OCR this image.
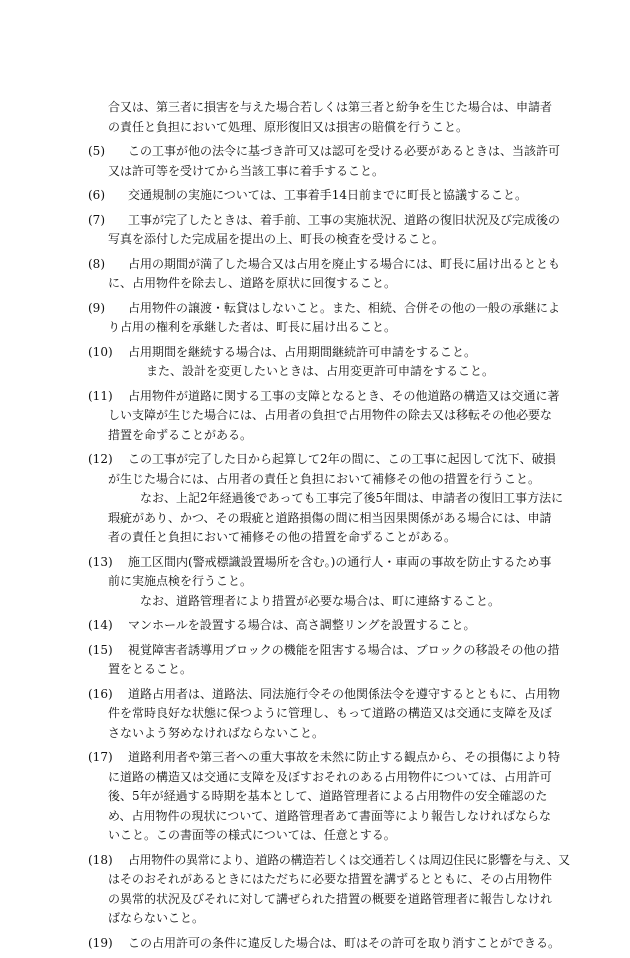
合又は、第三者に損害を与えた場合若しくは第三者と紛争を生じた場合は、申請者
の責任と負担において処理、原形復旧又は損害の賠償を行うこと。
(5)	この工事が他の法令に基づき許可又は認可を受ける必要があるときは、当該許可
又は許可等を受けてから当該工事に着手すること。
(6)	交通規制の実施については、工事着手14日前までに町長と協議すること。
(7)	工事が完了したときは、着手前、工事の実施状況、道路の復旧状況及び完成後の
写真を添付した完成届を提出の上、町長の検査を受けること。
(8)	占用の期間が満了した場合又は占用を廃止する場合には、町長に届け出るととも
に、占用物件を除去し、道路を原状に回復すること。
(9)	占用物件の譲渡・転貸はしないこと。また、相続、合併その他の一般の承継によ
り占用の権利を承継した者は、町長に届け出ること。
(10)	占用期間を継続する場合は、占用期間継続許可申請をすること。
また、設計を変更したいときは、占用変更許可申請をすること。
(11)	占用物件が道路に関する工事の支障となるとき、その他道路の構造又は交通に著
しい支障が生じた場合には、占用者の負担で占用物件の除去又は移転その他必要な
措置を命ずることがある。
(12)	この工事が完了した日から起算して2年の間に、この工事に起因して沈下、破損
が生じた場合には、占用者の責任と負担において補修その他の措置を行うこと。
なお、上記2年経過後であっても工事完了後5年間は、申請者の復旧工事方法に
瑕疵があり、かつ、その瑕疵と道路損傷の間に相当因果関係がある場合には、申請
者の責任と負担において補修その他の措置を命ずることがある。
(13)	施工区間内(警戒標識設置場所を含む。)の通行人・車両の事故を防止するため事
前に実施点検を行うこと。
なお、道路管理者により措置が必要な場合は、町に連絡すること。
(14)	マンホールを設置する場合は、高さ調整リングを設置すること。
(15)	視覚障害者誘導用ブロックの機能を阻害する場合は、ブロックの移設その他の措
置をとること。
(16)	道路占用者は、道路法、同法施行令その他関係法令を遵守するとともに、占用物
件を常時良好な状態に保つように管理し、もって道路の構造又は交通に支障を及ぼ
さないよう努めなければならないこと。
(17)	道路利用者や第三者への重大事故を未然に防止する観点から、その損傷により特
に道路の構造又は交通に支障を及ぼすおそれのある占用物件については、占用許可
後、5年が経過する時期を基本として、道路管理者による占用物件の安全確認のた
め、占用物件の現状について、道路管理者あて書面等により報告しなければならな
いこと。この書面等の様式については、任意とする。
(18)	占用物件の異常により、道路の構造若しくは交通若しくは周辺住民に影響を与え、又
はそのおそれがあるときにはただちに必要な措置を講ずるとともに、その占用物件
の異常的状況及びそれに対して講ぜられた措置の概要を道路管理者に報告しなけれ
ばならないこと。
(19)	この占用許可の条件に違反した場合は、町はその許可を取り消すことができる。
